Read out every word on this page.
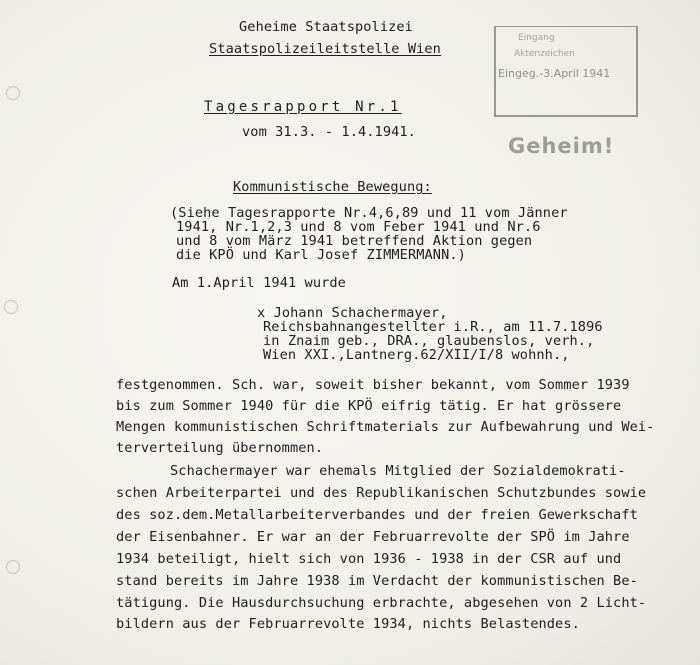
Geheime Staatspolizei
Staatspolizeileitstelle Wien
Eingang
Aktenzeichen
Eingeg.-3.April 1941
Geheim!
Tagesrapport Nr.1
vom 31.3. - 1.4.1941.
Kommunistische Bewegung:
(Siehe Tagesrapporte Nr.4,6,89 und 11 vom Jänner
1941, Nr.1,2,3 und 8 vom Feber 1941 und Nr.6
und 8 vom März 1941 betreffend Aktion gegen
die KPÖ und Karl Josef ZIMMERMANN.)
Am 1.April 1941 wurde
x Johann Schachermayer,
Reichsbahnangestellter i.R., am 11.7.1896
in Znaim geb., DRA., glaubenslos, verh.,
Wien XXI.,Lantnerg.62/XII/I/8 wohnh.,
festgenommen. Sch. war, soweit bisher bekannt, vom Sommer 1939
bis zum Sommer 1940 für die KPÖ eifrig tätig. Er hat grössere
Mengen kommunistischen Schriftmaterials zur Aufbewahrung und Wei-
terverteilung übernommen.
Schachermayer war ehemals Mitglied der Sozialdemokrati-
schen Arbeiterpartei und des Republikanischen Schutzbundes sowie
des soz.dem.Metallarbeiterverbandes und der freien Gewerkschaft
der Eisenbahner. Er war an der Februarrevolte der SPÖ im Jahre
1934 beteiligt, hielt sich von 1936 - 1938 in der CSR auf und
stand bereits im Jahre 1938 im Verdacht der kommunistischen Be-
tätigung. Die Hausdurchsuchung erbrachte, abgesehen von 2 Licht-
bildern aus der Februarrevolte 1934, nichts Belastendes.
